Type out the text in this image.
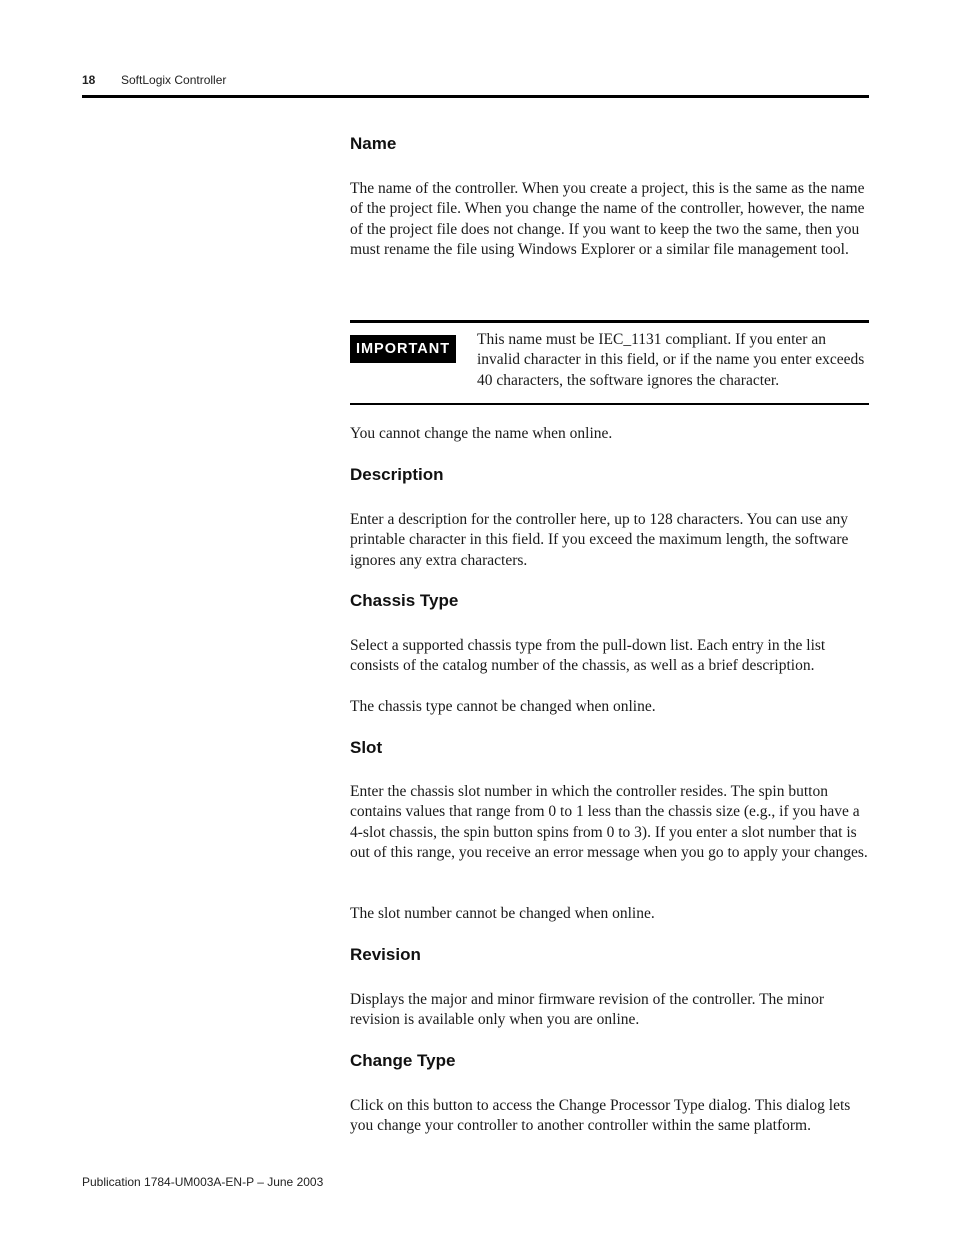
18 SoftLogix Controller
Name
The name of the controller. When you create a project, this is the same as the name of the project file. When you change the name of the controller, however, the name of the project file does not change. If you want to keep the two the same, then you must rename the file using Windows Explorer or a similar file management tool.
You cannot change the name when online.
Description
Enter a description for the controller here, up to 128 characters. You can use any printable character in this field. If you exceed the maximum length, the software ignores any extra characters.
Chassis Type
Select a supported chassis type from the pull-down list. Each entry in the list consists of the catalog number of the chassis, as well as a brief description.
The chassis type cannot be changed when online.
Slot
Enter the chassis slot number in which the controller resides. The spin button contains values that range from 0 to 1 less than the chassis size (e.g., if you have a 4-slot chassis, the spin button spins from 0 to 3). If you enter a slot number that is out of this range, you receive an error message when you go to apply your changes.
The slot number cannot be changed when online.
Revision
Displays the major and minor firmware revision of the controller. The minor revision is available only when you are online.
Change Type
Click on this button to access the Change Processor Type dialog. This dialog lets you change your controller to another controller within the same platform.
IMPORTANT
This name must be IEC_1131 compliant. If you enter an invalid character in this field, or if the name you enter exceeds 40 characters, the software ignores the character.
Publication 1784-UM003A-EN-P – June 2003
